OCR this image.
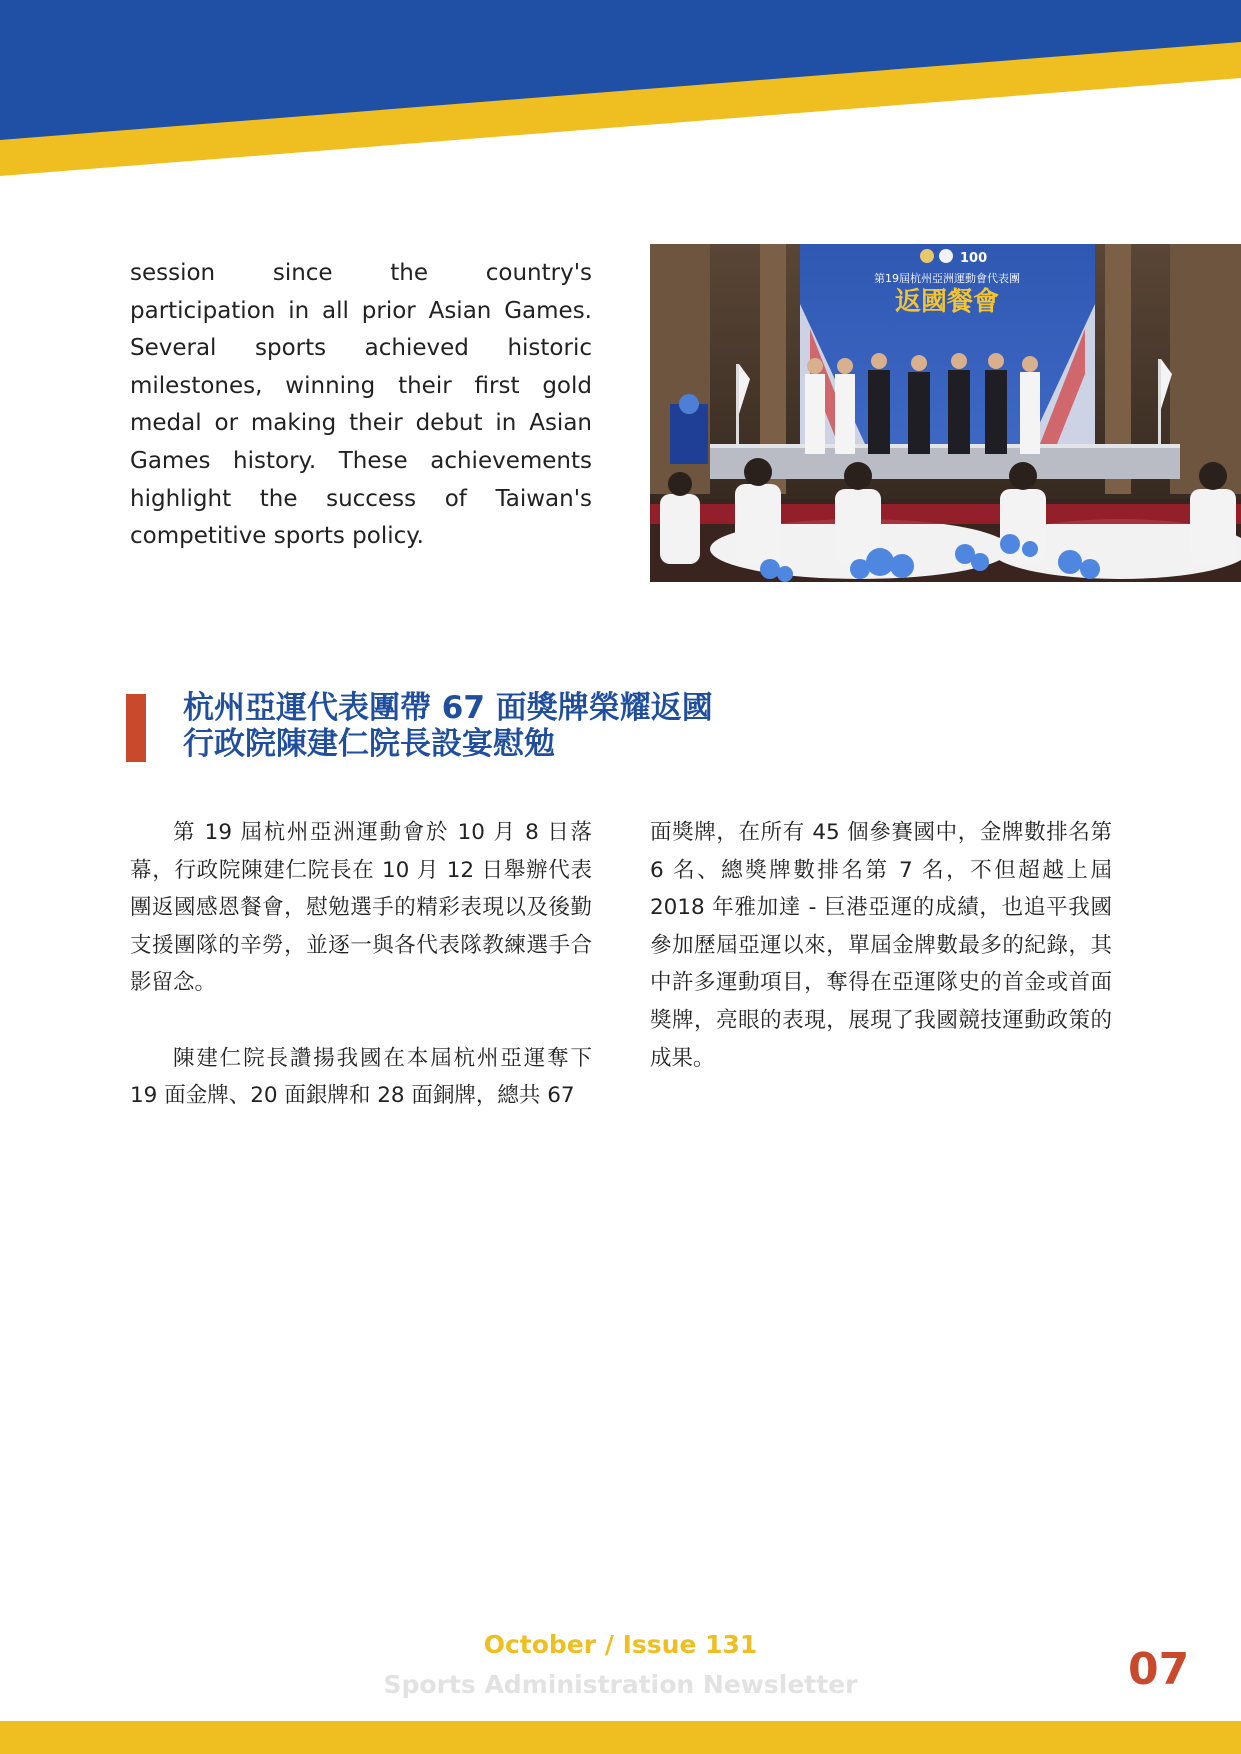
session since the country's participation in all prior Asian Games. Several sports achieved historic milestones, winning their first gold medal or making their debut in Asian Games history. These achievements highlight the success of Taiwan's competitive sports policy.
100
第19屆杭州亞洲運動會代表團
返國餐會
杭州亞運代表團帶 67 面獎牌榮耀返國
行政院陳建仁院長設宴慰勉

第 19 屆杭州亞洲運動會於 10 月 8 日落幕，行政院陳建仁院長在 10 月 12 日舉辦代表團返國感恩餐會，慰勉選手的精彩表現以及後勤支援團隊的辛勞，並逐一與各代表隊教練選手合影留念。

陳建仁院長讚揚我國在本屆杭州亞運奪下 19 面金牌、20 面銀牌和 28 面銅牌，總共 67

面獎牌，在所有 45 個參賽國中，金牌數排名第 6 名、總獎牌數排名第 7 名，不但超越上屆 2018 年雅加達 - 巨港亞運的成績，也追平我國參加歷屆亞運以來，單屆金牌數最多的紀錄，其中許多運動項目，奪得在亞運隊史的首金或首面獎牌，亮眼的表現，展現了我國競技運動政策的成果。

October / Issue 131
Sports Administration Newsletter	07
